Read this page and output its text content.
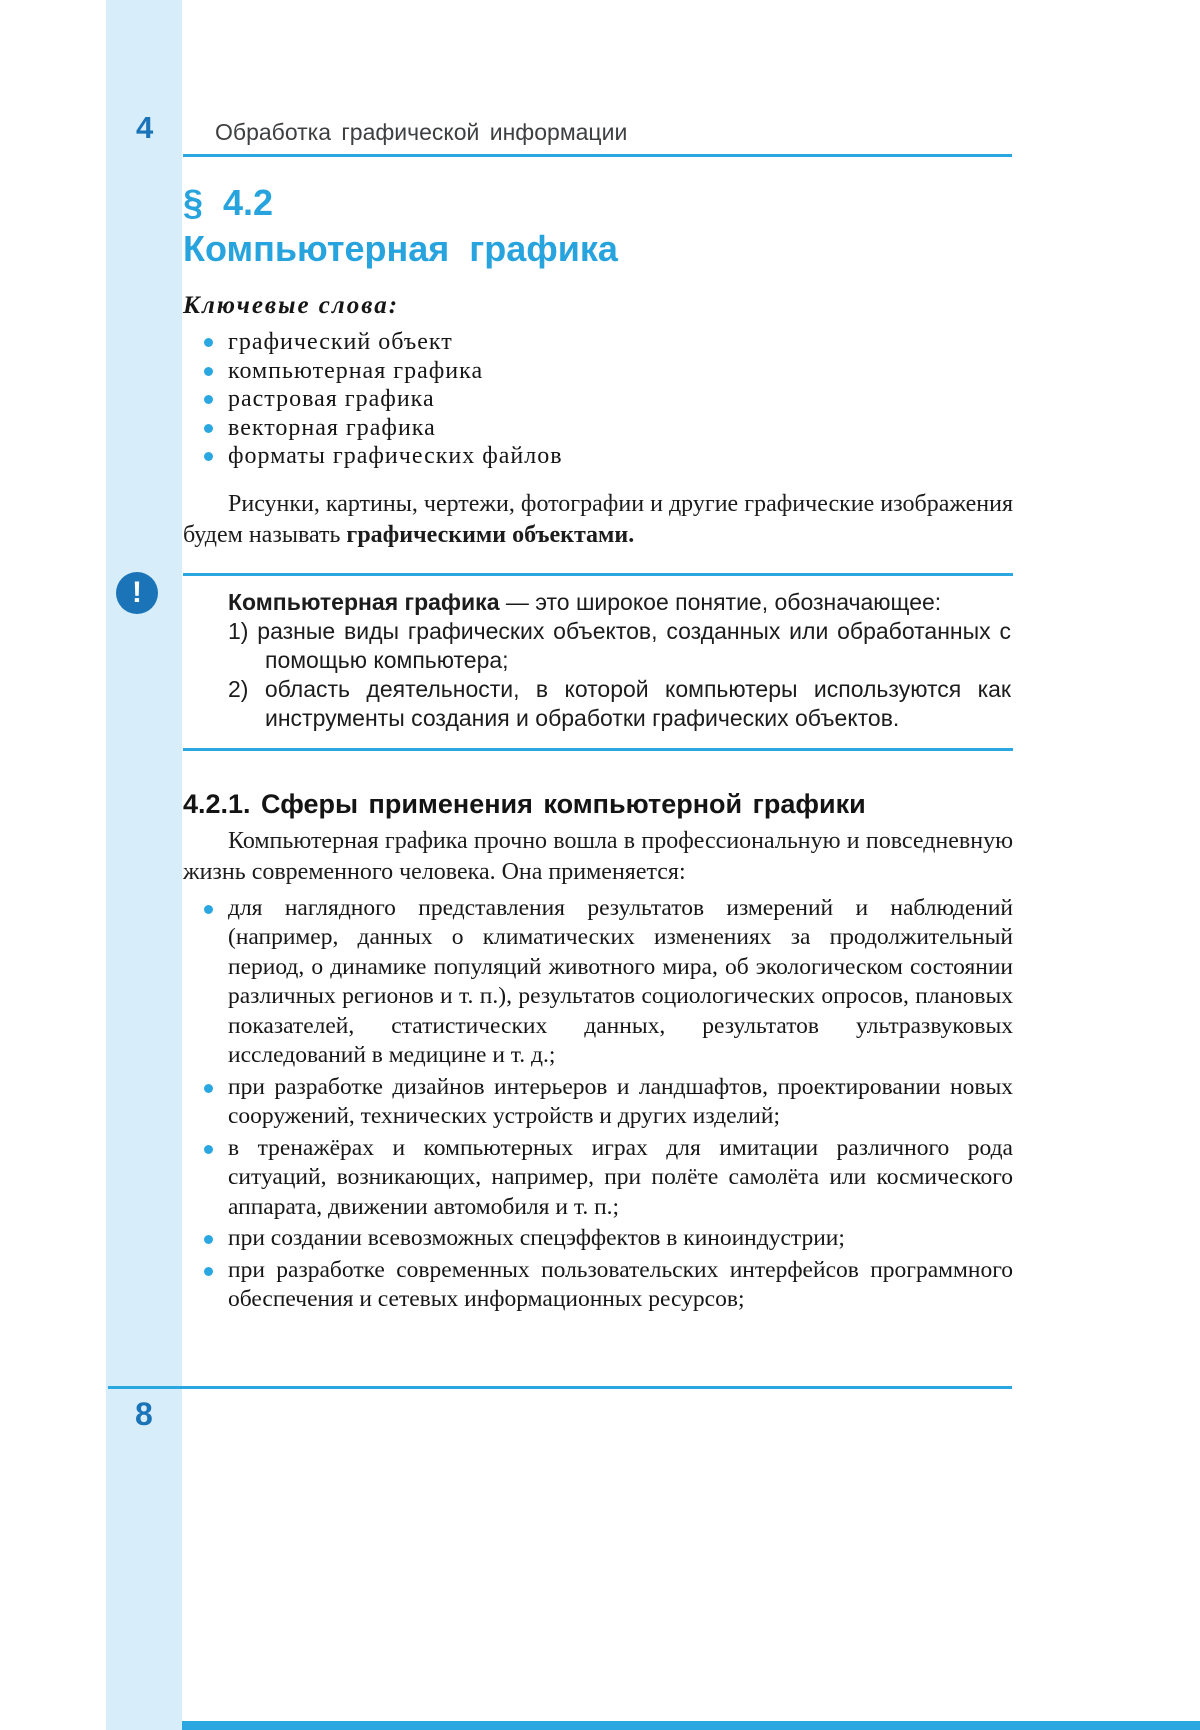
4	Обработка графической информации
!
§ 4.2
Компьютерная графика
Ключевые слова:
графический объект
компьютерная графика
растровая графика
векторная графика
форматы графических файлов

Рисунки, картины, чертежи, фотографии и другие графические изображения будем называть графическими объектами.

Компьютерная графика — это широкое понятие, обозначающее:

1) разные виды графических объектов, созданных или обработанных с помощью компьютера;

2) область деятельности, в которой компьютеры используются как инструменты создания и обработки графических объектов.

4.2.1. Сферы применения компьютерной графики

Компьютерная графика прочно вошла в профессиональную и повседневную жизнь современного человека. Она применяется:

для наглядного представления результатов измерений и наблюдений (например, данных о климатических изменениях за продолжительный период, о динамике популяций животного мира, об экологическом состоянии различных регионов и т. п.), результатов социологических опросов, плановых показателей, статистических данных, результатов ультразвуковых исследований в медицине и т. д.;
при разработке дизайнов интерьеров и ландшафтов, проектировании новых сооружений, технических устройств и других изделий;
в тренажёрах и компьютерных играх для имитации различного рода ситуаций, возникающих, например, при полёте самолёта или космического аппарата, движении автомобиля и т. п.;
при создании всевозможных спецэффектов в киноиндустрии;
при разработке современных пользовательских интерфейсов программного обеспечения и сетевых информационных ресурсов;
8
